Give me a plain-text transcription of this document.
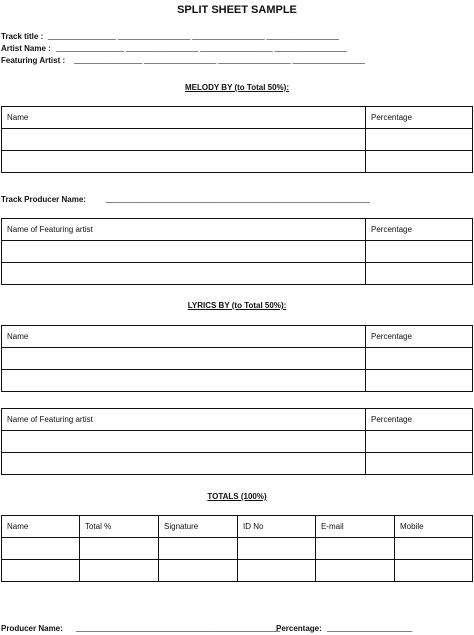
SPLIT SHEET SAMPLE
Track title : ________________ _________________ _________________ _________________
Artist Name : ________________ _________________ _________________ _________________
Featuring Artist : ________________ _________________ _________________ _________________
MELODY BY (to Total 50%):
Name	Percentage

Track Producer Name:	______________________________________________________________
Name of Featuring artist	Percentage

LYRICS BY (to Total 50%):
Name	Percentage

Name of Featuring artist	Percentage

TOTALS (100%)
Name	Total %	Signature	ID No	E-mail	Mobile

Producer Name: ________________________________________________
Percentage: ____________________
